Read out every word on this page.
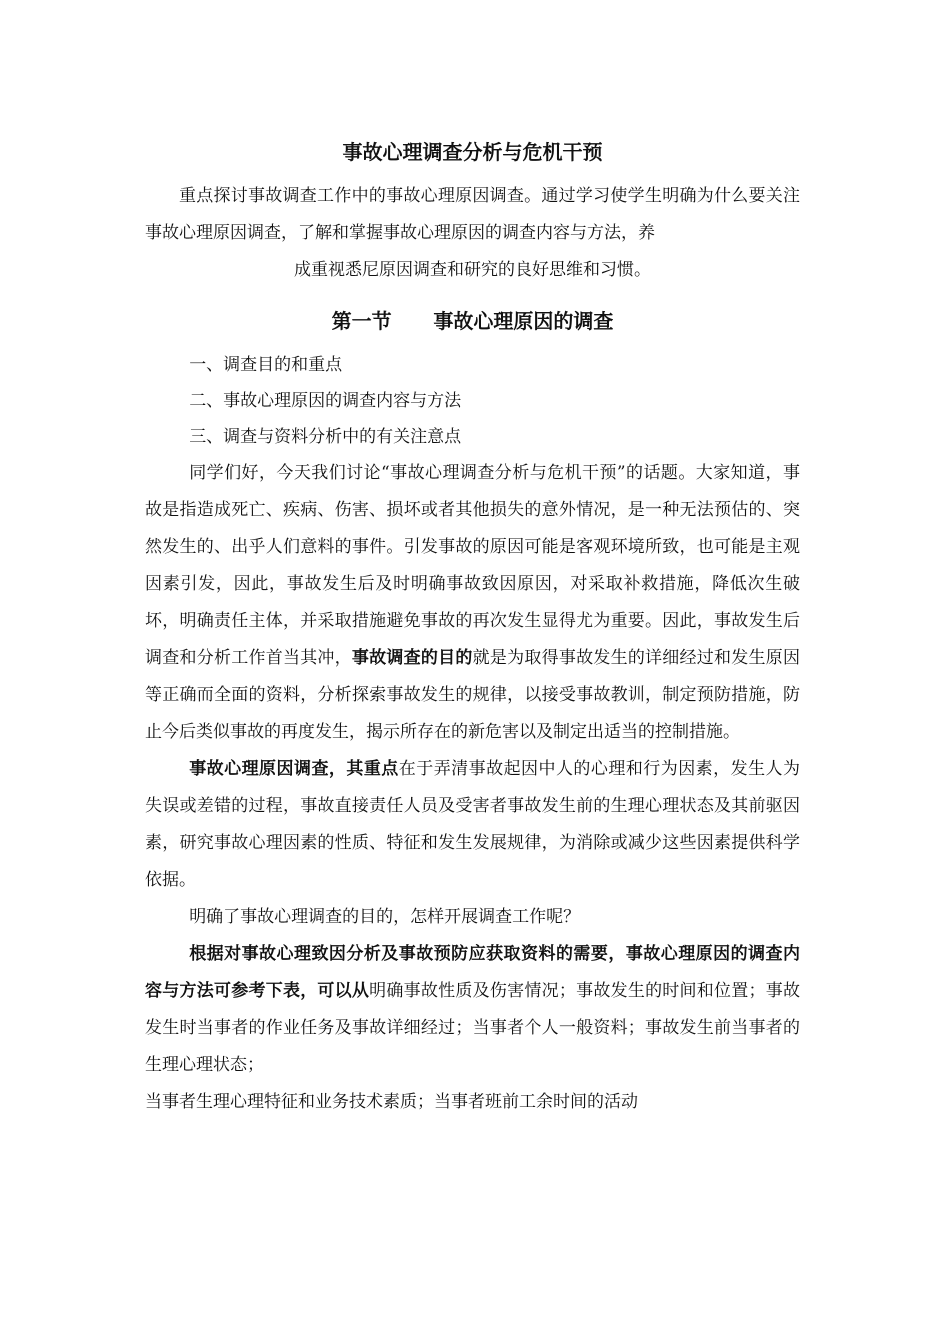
事故心理调查分析与危机干预

重点探讨事故调查工作中的事故心理原因调查。通过学习使学生明确为什么要关注事故心理原因调查，了解和掌握事故心理原因的调查内容与方法，养
成重视悉尼原因调查和研究的良好思维和习惯。

第一节      事故心理原因的调查
一、调查目的和重点
二、事故心理原因的调查内容与方法
三、调查与资料分析中的有关注意点

同学们好，今天我们讨论“事故心理调查分析与危机干预”的话题。大家知道，事故是指造成死亡、疾病、伤害、损坏或者其他损失的意外情况，是一种无法预估的、突然发生的、出乎人们意料的事件。引发事故的原因可能是客观环境所致，也可能是主观因素引发，因此，事故发生后及时明确事故致因原因，对采取补救措施，降低次生破坏，明确责任主体，并采取措施避免事故的再次发生显得尤为重要。因此，事故发生后调查和分析工作首当其冲，事故调查的目的就是为取得事故发生的详细经过和发生原因等正确而全面的资料，分析探索事故发生的规律，以接受事故教训，制定预防措施，防止今后类似事故的再度发生，揭示所存在的新危害以及制定出适当的控制措施。

事故心理原因调查，其重点在于弄清事故起因中人的心理和行为因素，发生人为失误或差错的过程，事故直接责任人员及受害者事故发生前的生理心理状态及其前驱因素，研究事故心理因素的性质、特征和发生发展规律，为消除或减少这些因素提供科学依据。

明确了事故心理调查的目的，怎样开展调查工作呢？

根据对事故心理致因分析及事故预防应获取资料的需要，事故心理原因的调查内容与方法可参考下表，可以从明确事故性质及伤害情况；事故发生的时间和位置；事故发生时当事者的作业任务及事故详细经过；当事者个人一般资料；事故发生前当事者的生理心理状态；

当事者生理心理特征和业务技术素质；当事者班前工余时间的活动
